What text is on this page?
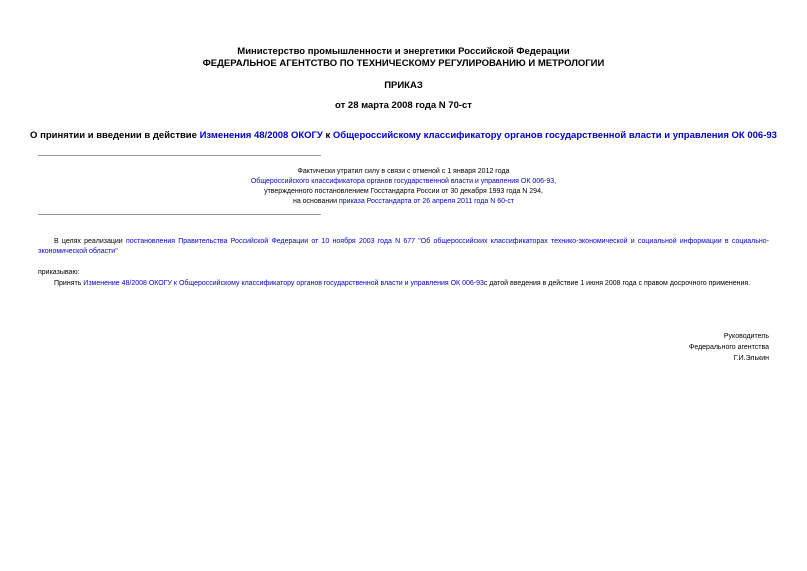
Министерство промышленности и энергетики Российской Федерации
ФЕДЕРАЛЬНОЕ АГЕНТСТВО ПО ТЕХНИЧЕСКОМУ РЕГУЛИРОВАНИЮ И МЕТРОЛОГИИ
ПРИКАЗ
от 28 марта 2008 года N 70-ст
О принятии и введении в действие Изменения 48/2008 ОКОГУ к Общероссийскому классификатору органов государственной власти и управления ОК 006-93
Фактически утратил силу в связи с отменой с 1 января 2012 года
Общероссийского классификатора органов государственной власти и управления ОК 006-93,
утвержденного постановлением Госстандарта России от 30 декабря 1993 года N 294,
на основании приказа Росстандарта от 26 апреля 2011 года N 60-ст
В целях реализации постановления Правительства Российской Федерации от 10 ноября 2003 года N 677 "Об общероссийских классификаторах технико-экономической и социальной информации в социально-экономической области"
приказываю:
Принять Изменение 48/2008 ОКОГУ к Общероссийскому классификатору органов государственной власти и управления ОК 006-93с датой введения в действие 1 июня 2008 года с правом досрочного применения.
Руководитель
Федерального агентства
Г.И.Элькин
